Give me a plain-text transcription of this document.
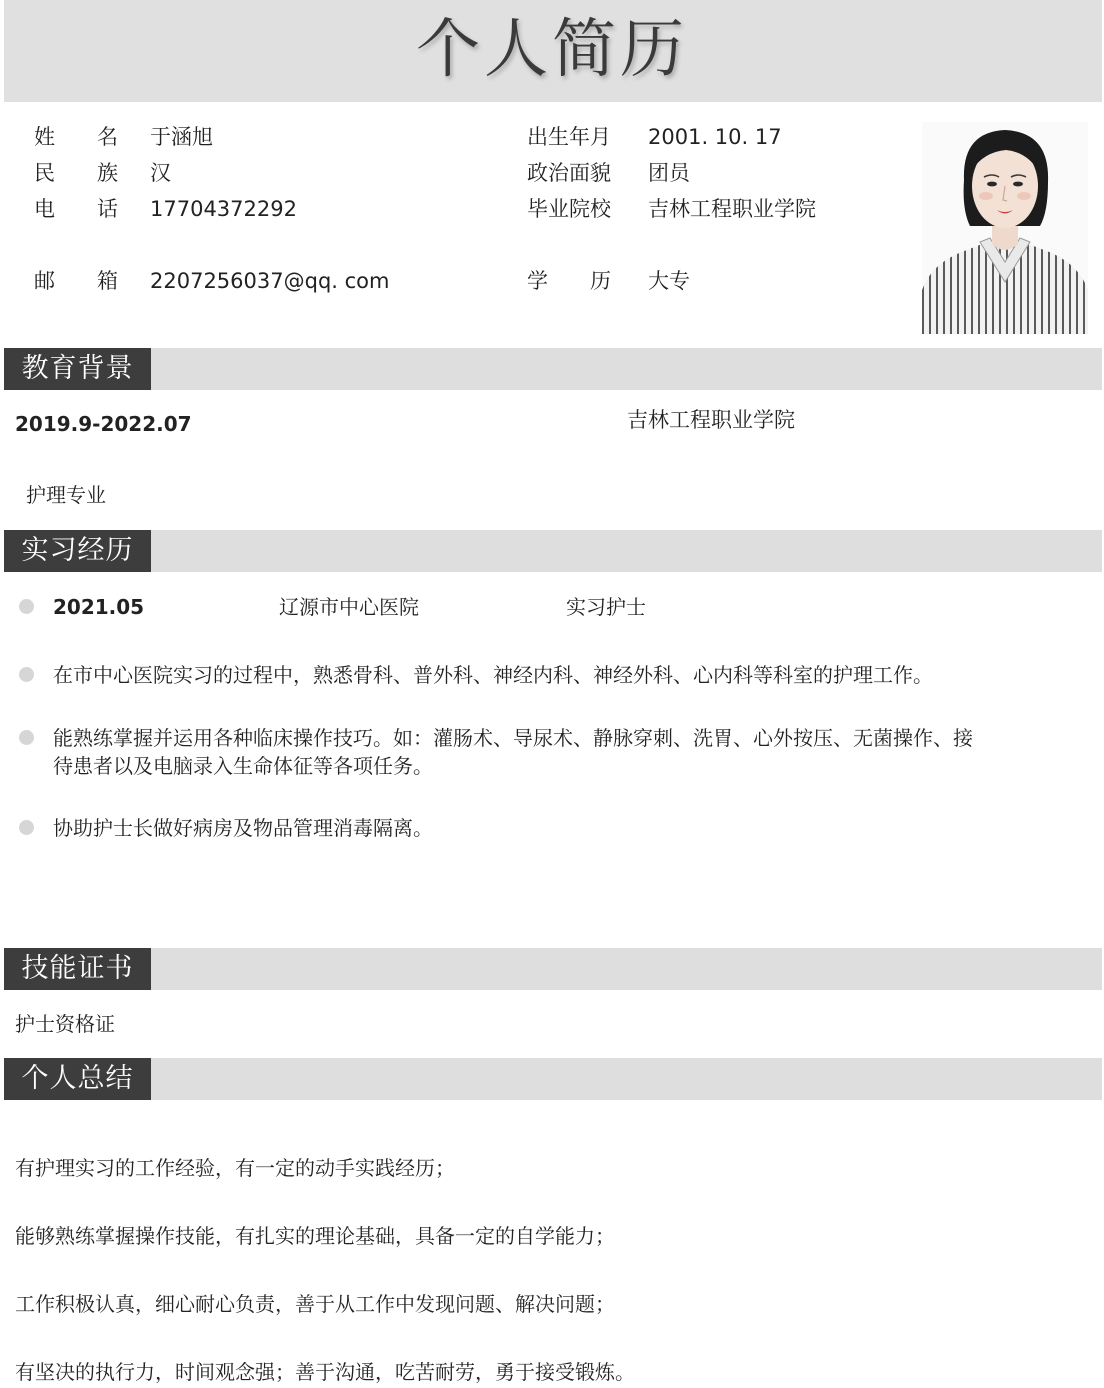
个人简历
姓　　名 于涵旭	出生年月 2001. 10. 17
民　　族 汉	政治面貌 团员
电　　话 17704372292	毕业院校 吉林工程职业学院
邮　　箱 2207256037@qq. com	学　　历 大专
教育背景
2019.9-2022.07	吉林工程职业学院
护理专业
实习经历
2021.05	辽源市中心医院	实习护士
在市中心医院实习的过程中，熟悉骨科、普外科、神经内科、神经外科、心内科等科室的护理工作。
能熟练掌握并运用各种临床操作技巧。如：灌肠术、导尿术、静脉穿刺、洗胃、心外按压、无菌操作、接
待患者以及电脑录入生命体征等各项任务。
协助护士长做好病房及物品管理消毒隔离。
技能证书
护士资格证
个人总结
有护理实习的工作经验，有一定的动手实践经历；
能够熟练掌握操作技能，有扎实的理论基础，具备一定的自学能力；
工作积极认真，细心耐心负责，善于从工作中发现问题、解决问题；
有坚决的执行力，时间观念强；善于沟通，吃苦耐劳，勇于接受锻炼。
